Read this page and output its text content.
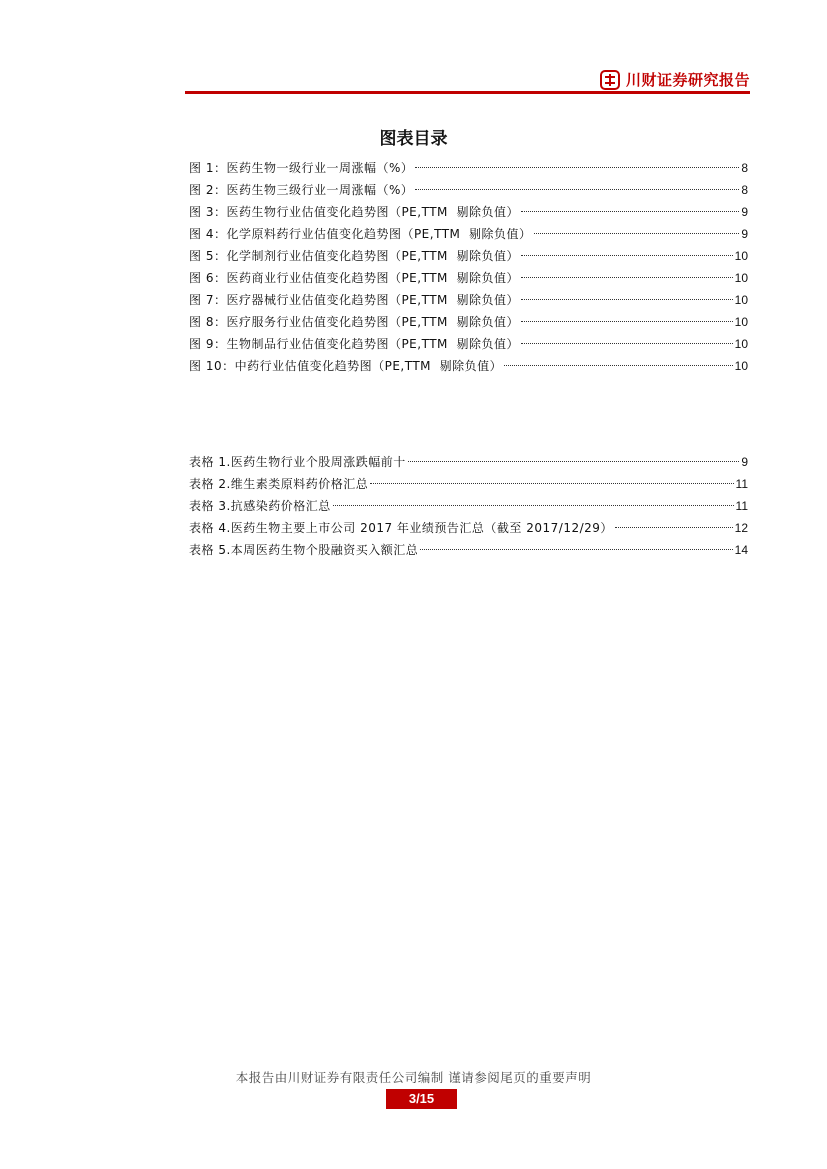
川财证券研究报告
图表目录
图 1：医药生物一级行业一周涨幅（%）	8
图 2：医药生物三级行业一周涨幅（%）	8
图 3：医药生物行业估值变化趋势图（PE,TTM  剔除负值）	9
图 4：化学原料药行业估值变化趋势图（PE,TTM  剔除负值）	9
图 5：化学制剂行业估值变化趋势图（PE,TTM  剔除负值）	10
图 6：医药商业行业估值变化趋势图（PE,TTM  剔除负值）	10
图 7：医疗器械行业估值变化趋势图（PE,TTM  剔除负值）	10
图 8：医疗服务行业估值变化趋势图（PE,TTM  剔除负值）	10
图 9：生物制品行业估值变化趋势图（PE,TTM  剔除负值）	10
图 10：中药行业估值变化趋势图（PE,TTM  剔除负值）	10
表格 1.医药生物行业个股周涨跌幅前十	9
表格 2.维生素类原料药价格汇总	11
表格 3.抗感染药价格汇总	11
表格 4.医药生物主要上市公司 2017 年业绩预告汇总（截至 2017/12/29）	12
表格 5.本周医药生物个股融资买入额汇总	14
本报告由川财证券有限责任公司编制 谨请参阅尾页的重要声明
3/15
